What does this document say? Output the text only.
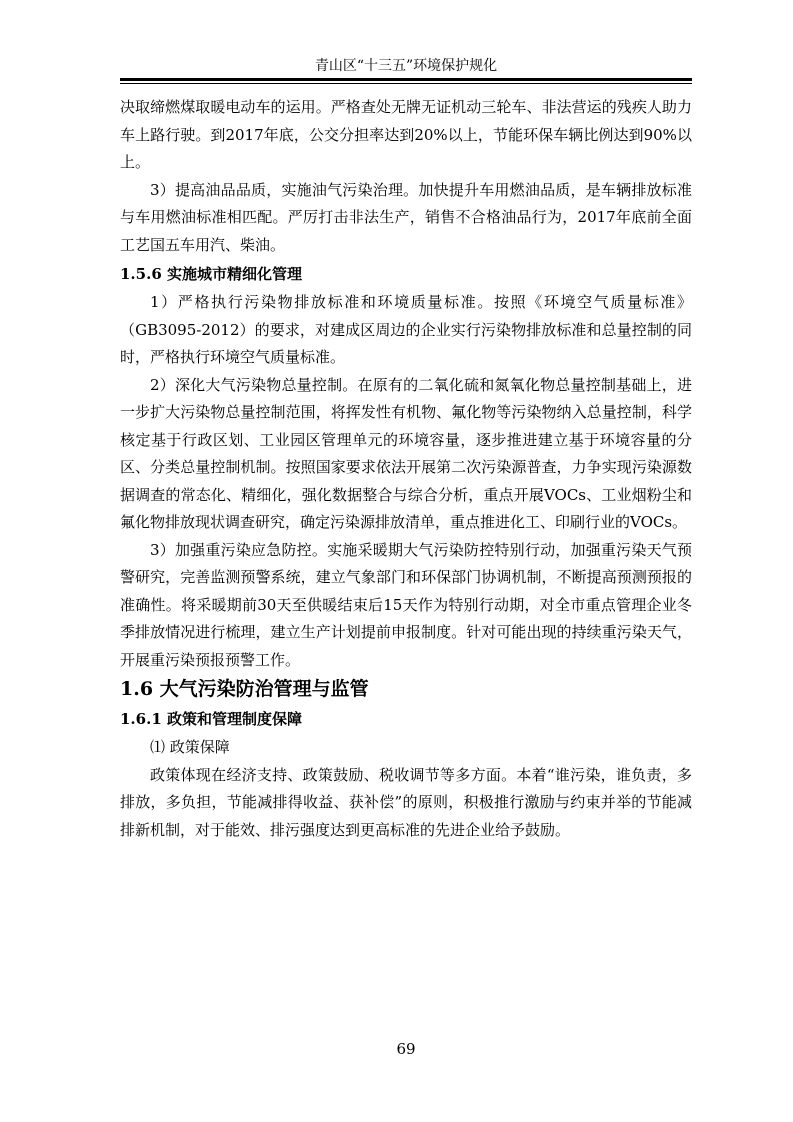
青山区“十三五”环境保护规化

决取缔燃煤取暖电动车的运用。严格查处无牌无证机动三轮车、非法营运的残疾人助力车上路行驶。到2017年底，公交分担率达到20%以上，节能环保车辆比例达到90%以上。

3）提高油品品质，实施油气污染治理。加快提升车用燃油品质，是车辆排放标准与车用燃油标准相匹配。严厉打击非法生产，销售不合格油品行为，2017年底前全面工艺国五车用汽、柴油。

1.5.6 实施城市精细化管理

1）严格执行污染物排放标准和环境质量标准。按照《环境空气质量标准》（GB3095-2012）的要求，对建成区周边的企业实行污染物排放标准和总量控制的同时，严格执行环境空气质量标准。

2）深化大气污染物总量控制。在原有的二氧化硫和氮氧化物总量控制基础上，进一步扩大污染物总量控制范围，将挥发性有机物、氟化物等污染物纳入总量控制，科学核定基于行政区划、工业园区管理单元的环境容量，逐步推进建立基于环境容量的分区、分类总量控制机制。按照国家要求依法开展第二次污染源普查，力争实现污染源数据调查的常态化、精细化，强化数据整合与综合分析，重点开展VOCs、工业烟粉尘和氟化物排放现状调查研究，确定污染源排放清单，重点推进化工、印刷行业的VOCs。

3）加强重污染应急防控。实施采暖期大气污染防控特别行动，加强重污染天气预警研究，完善监测预警系统，建立气象部门和环保部门协调机制，不断提高预测预报的准确性。将采暖期前30天至供暖结束后15天作为特别行动期，对全市重点管理企业冬季排放情况进行梳理，建立生产计划提前申报制度。针对可能出现的持续重污染天气，开展重污染预报预警工作。

1.6 大气污染防治管理与监管

1.6.1 政策和管理制度保障

⑴ 政策保障

政策体现在经济支持、政策鼓励、税收调节等多方面。本着“谁污染，谁负责，多排放，多负担，节能减排得收益、获补偿”的原则，积极推行激励与约束并举的节能减排新机制，对于能效、排污强度达到更高标准的先进企业给予鼓励。

69
